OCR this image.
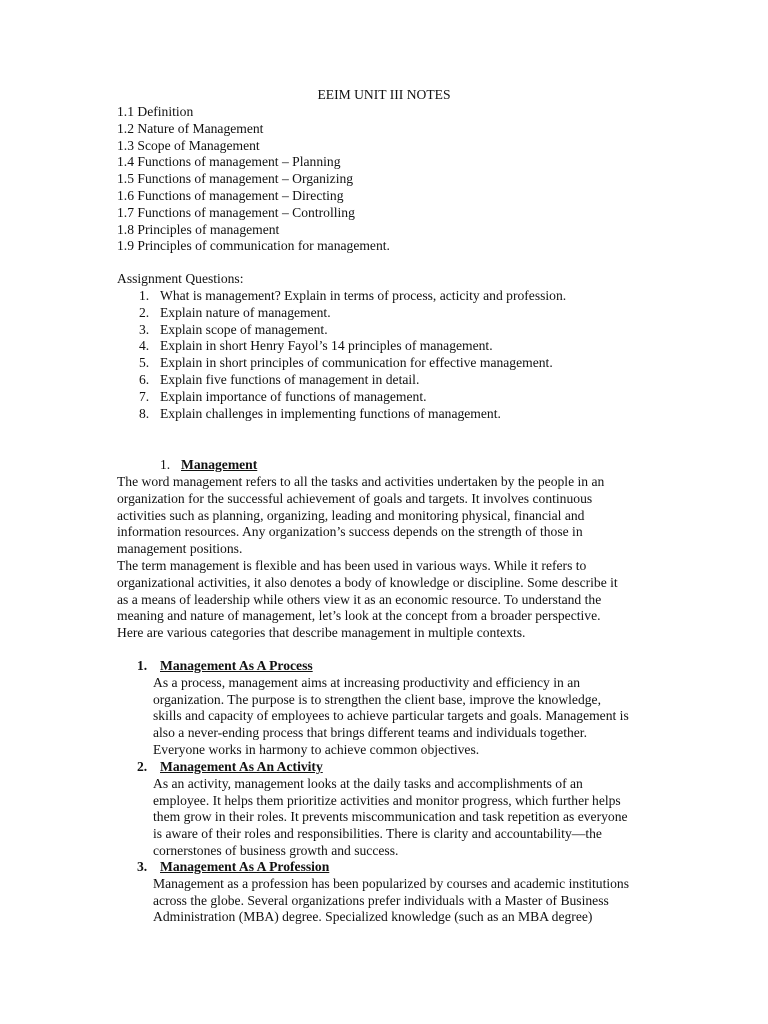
EEIM UNIT III NOTES
1.1 Definition
1.2 Nature of Management
1.3 Scope of Management
1.4 Functions of management – Planning
1.5 Functions of management – Organizing
1.6 Functions of management – Directing
1.7 Functions of management – Controlling
1.8 Principles of management
1.9 Principles of communication for management.
Assignment Questions:
1. What is management? Explain in terms of process, acticity and profession.
2. Explain nature of management.
3. Explain scope of management.
4. Explain in short Henry Fayol’s 14 principles of management.
5. Explain in short principles of communication for effective management.
6. Explain five functions of management in detail.
7. Explain importance of functions of management.
8. Explain challenges in implementing functions of management.
1. Management
The word management refers to all the tasks and activities undertaken by the people in an
organization for the successful achievement of goals and targets. It involves continuous
activities such as planning, organizing, leading and monitoring physical, financial and
information resources. Any organization’s success depends on the strength of those in
management positions.
The term management is flexible and has been used in various ways. While it refers to
organizational activities, it also denotes a body of knowledge or discipline. Some describe it
as a means of leadership while others view it as an economic resource. To understand the
meaning and nature of management, let’s look at the concept from a broader perspective.
Here are various categories that describe management in multiple contexts.
1. Management As A Process
As a process, management aims at increasing productivity and efficiency in an
organization. The purpose is to strengthen the client base, improve the knowledge,
skills and capacity of employees to achieve particular targets and goals. Management is
also a never-ending process that brings different teams and individuals together.
Everyone works in harmony to achieve common objectives.
2. Management As An Activity
As an activity, management looks at the daily tasks and accomplishments of an
employee. It helps them prioritize activities and monitor progress, which further helps
them grow in their roles. It prevents miscommunication and task repetition as everyone
is aware of their roles and responsibilities. There is clarity and accountability—the
cornerstones of business growth and success.
3. Management As A Profession
Management as a profession has been popularized by courses and academic institutions
across the globe. Several organizations prefer individuals with a Master of Business
Administration (MBA) degree. Specialized knowledge (such as an MBA degree)
